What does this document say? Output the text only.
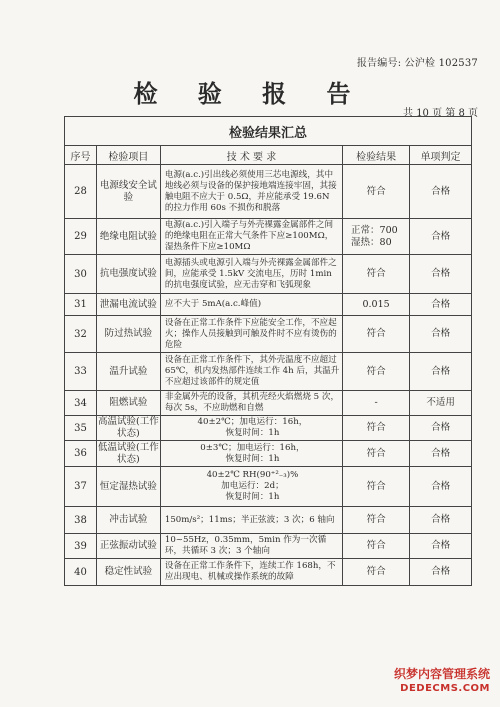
报告编号: 公沪检 102537
检 验 报 告
共 10 页 第 8 页
检验结果汇总				
序号	检验项目	技 术 要 求	检验结果	单项判定
28	电源线安全试验	电源(a.c.)引出线必须使用三芯电源线，其中地线必须与设备的保护接地端连接牢固，其接触电阻不应大于 0.5Ω，并应能承受 19.6N 的拉力作用 60s 不损伤和脱落	符合	合格
29	绝缘电阻试验	电源(a.c.)引入端子与外壳裸露金属部件之间的绝缘电阻在正常大气条件下应≥100MΩ，湿热条件下应≥10MΩ	正常：700
湿热：80	合格
30	抗电强度试验	电源插头或电源引入端与外壳裸露金属部件之间，应能承受 1.5kV 交流电压，历时 1min 的抗电强度试验，应无击穿和飞弧现象	符合	合格
31	泄漏电流试验	应不大于 5mA(a.c.峰值)	0.015	合格
32	防过热试验	设备在正常工作条件下应能安全工作，不应起火；操作人员接触到可触及件时不应有烫伤的危险	符合	合格
33	温升试验	设备在正常工作条件下，其外壳温度不应超过 65℃，机内发热部件连续工作 4h 后，其温升不应超过该部件的规定值	符合	合格
34	阻燃试验	非金属外壳的设备，其机壳经火焰燃烧 5 次，每次 5s，不应助燃和自燃	-	不适用
35	高温试验(工作状态)	40±2℃；加电运行：16h，
恢复时间：1h	符合	合格
36	低温试验(工作状态)	0±3℃；加电运行：16h，
恢复时间：1h	符合	合格
37	恒定湿热试验	40±2℃ RH(90⁺²₋₃)%
加电运行：2d；
恢复时间：1h	符合	合格
38	冲击试验	150m/s²；11ms；半正弦波；3 次；6 轴向	符合	合格
39	正弦振动试验	10~55Hz，0.35mm，5min 作为一次循环，共循环 3 次；3 个轴向	符合	合格
40	稳定性试验	设备在正常工作条件下，连续工作 168h，不应出现电、机械或操作系统的故障	符合	合格
织梦内容管理系统
DEDECMS.COM
